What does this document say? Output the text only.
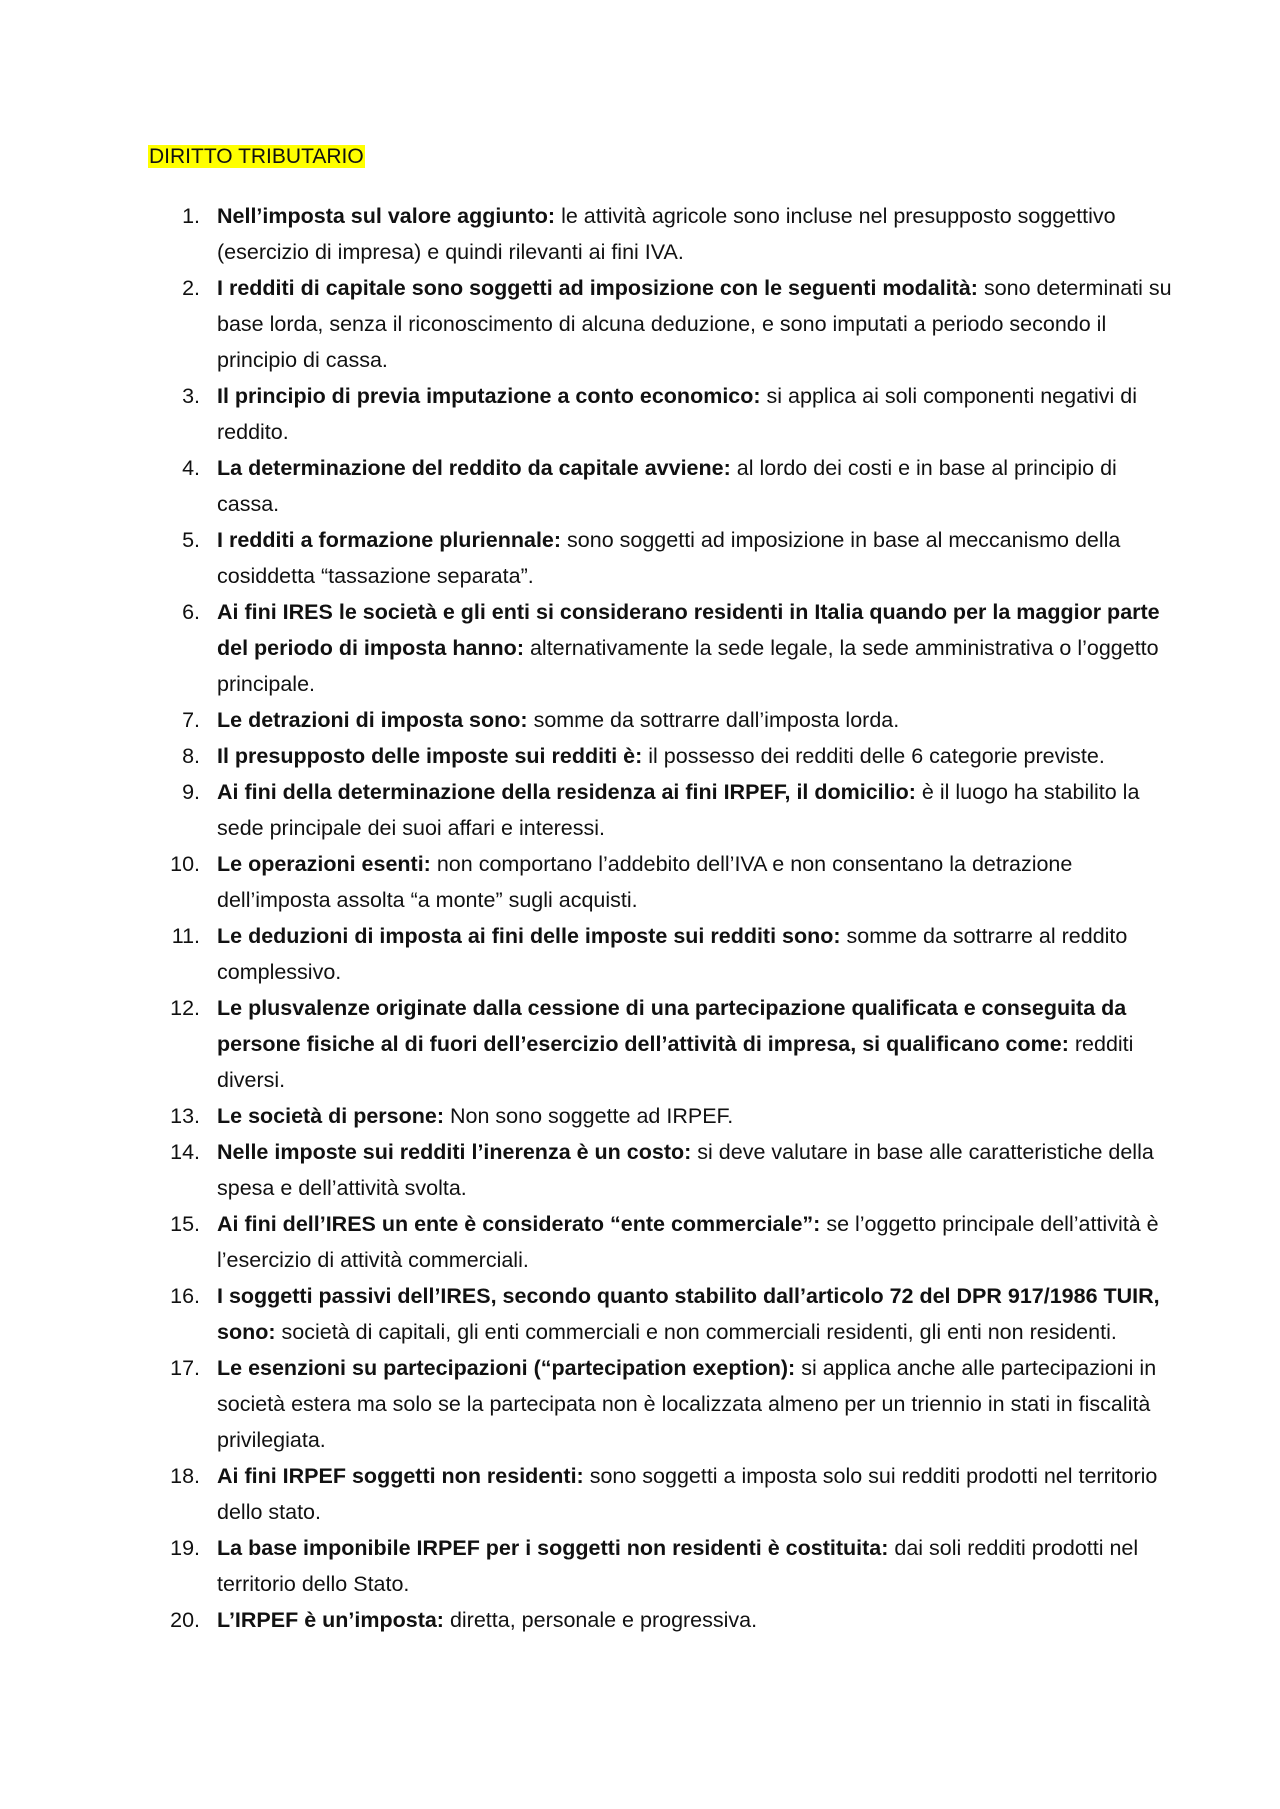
DIRITTO TRIBUTARIO
1. Nell’imposta sul valore aggiunto: le attività agricole sono incluse nel presupposto soggettivo (esercizio di impresa) e quindi rilevanti ai fini IVA.
2. I redditi di capitale sono soggetti ad imposizione con le seguenti modalità: sono determinati su base lorda, senza il riconoscimento di alcuna deduzione, e sono imputati a periodo secondo il principio di cassa.
3. Il principio di previa imputazione a conto economico: si applica ai soli componenti negativi di reddito.
4. La determinazione del reddito da capitale avviene: al lordo dei costi e in base al principio di cassa.
5. I redditi a formazione pluriennale: sono soggetti ad imposizione in base al meccanismo della cosiddetta “tassazione separata”.
6. Ai fini IRES le società e gli enti si considerano residenti in Italia quando per la maggior parte del periodo di imposta hanno: alternativamente la sede legale, la sede amministrativa o l’oggetto principale.
7. Le detrazioni di imposta sono: somme da sottrarre dall’imposta lorda.
8. Il presupposto delle imposte sui redditi è: il possesso dei redditi delle 6 categorie previste.
9. Ai fini della determinazione della residenza ai fini IRPEF, il domicilio: è il luogo ha stabilito la sede principale dei suoi affari e interessi.
10. Le operazioni esenti: non comportano l’addebito dell’IVA e non consentano la detrazione dell’imposta assolta “a monte” sugli acquisti.
11. Le deduzioni di imposta ai fini delle imposte sui redditi sono: somme da sottrarre al reddito complessivo.
12. Le plusvalenze originate dalla cessione di una partecipazione qualificata e conseguita da persone fisiche al di fuori dell’esercizio dell’attività di impresa, si qualificano come: redditi diversi.
13. Le società di persone: Non sono soggette ad IRPEF.
14. Nelle imposte sui redditi l’inerenza è un costo: si deve valutare in base alle caratteristiche della spesa e dell’attività svolta.
15. Ai fini dell’IRES un ente è considerato “ente commerciale”: se l’oggetto principale dell’attività è l’esercizio di attività commerciali.
16. I soggetti passivi dell’IRES, secondo quanto stabilito dall’articolo 72 del DPR 917/1986 TUIR, sono: società di capitali, gli enti commerciali e non commerciali residenti, gli enti non residenti.
17. Le esenzioni su partecipazioni (“partecipation exeption): si applica anche alle partecipazioni in società estera ma solo se la partecipata non è localizzata almeno per un triennio in stati in fiscalità privilegiata.
18. Ai fini IRPEF soggetti non residenti: sono soggetti a imposta solo sui redditi prodotti nel territorio dello stato.
19. La base imponibile IRPEF per i soggetti non residenti è costituita: dai soli redditi prodotti nel territorio dello Stato.
20. L’IRPEF è un’imposta: diretta, personale e progressiva.
